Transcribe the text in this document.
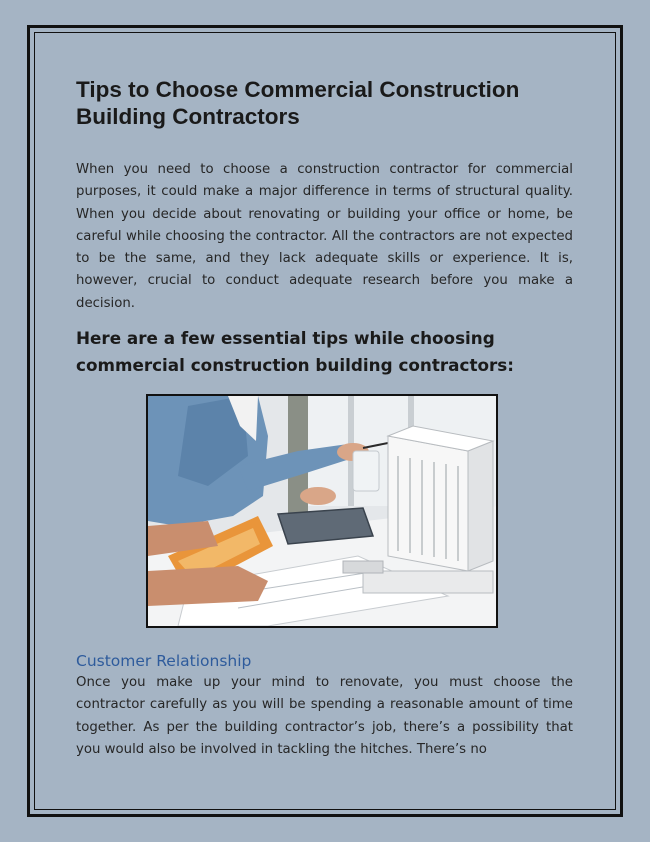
Tips to Choose Commercial Construction Building Contractors

When you need to choose a construction contractor for commercial purposes, it could make a major difference in terms of structural quality. When you decide about renovating or building your office or home, be careful while choosing the contractor. All the contractors are not expected to be the same, and they lack adequate skills or experience. It is, however, crucial to conduct adequate research before you make a decision.

Here are a few essential tips while choosing commercial construction building contractors:
Customer Relationship

Once you make up your mind to renovate, you must choose the contractor carefully as you will be spending a reasonable amount of time together. As per the building contractor’s job, there’s a possibility that you would also be involved in tackling the hitches. There’s no
